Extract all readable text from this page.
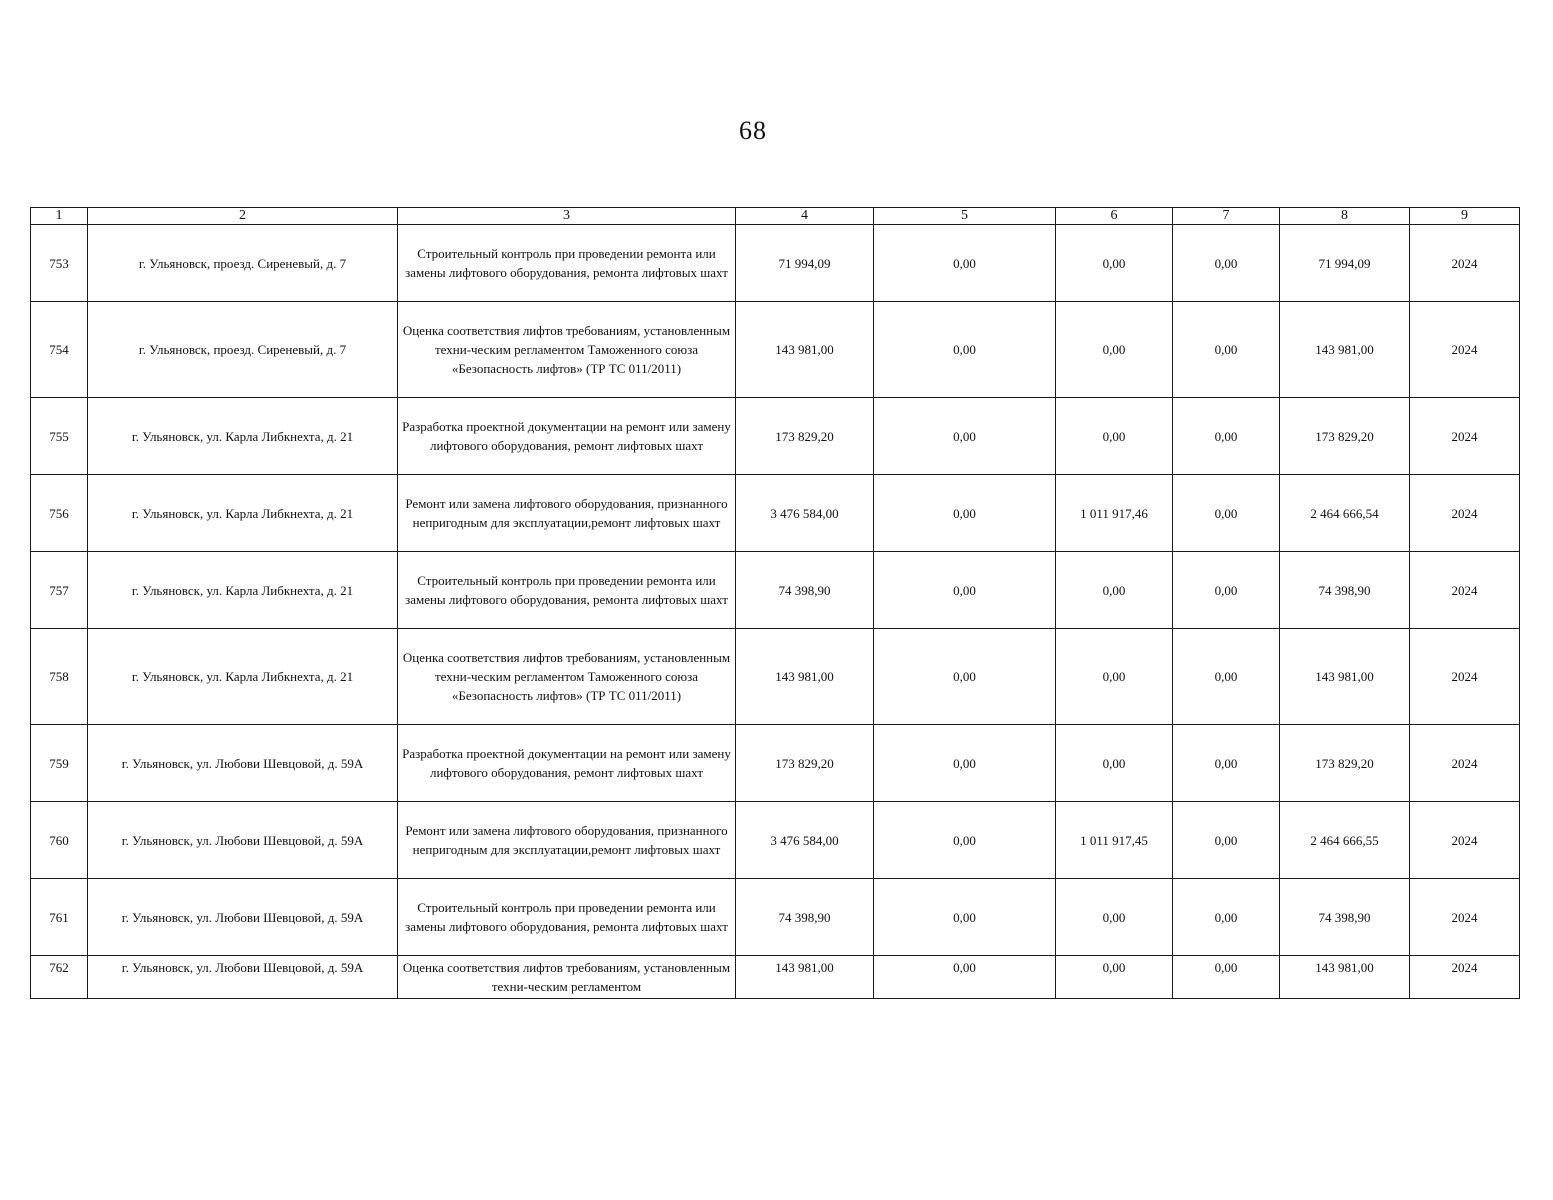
68
1	2	3	4	5	6	7	8	9
753	г. Ульяновск, проезд. Сиреневый, д. 7	Строительный контроль при проведении ремонта или замены лифтового оборудования, ремонта лифтовых шахт	71 994,09	0,00	0,00	0,00	71 994,09	2024
754	г. Ульяновск, проезд. Сиреневый, д. 7	Оценка соответствия лифтов требованиям, установленным техни-ческим регламентом Таможенного союза «Безопасность лифтов» (ТР ТС 011/2011)	143 981,00	0,00	0,00	0,00	143 981,00	2024
755	г. Ульяновск, ул. Карла Либкнехта, д. 21	Разработка проектной документации на ремонт или замену лифтового оборудования, ремонт лифтовых шахт	173 829,20	0,00	0,00	0,00	173 829,20	2024
756	г. Ульяновск, ул. Карла Либкнехта, д. 21	Ремонт или замена лифтового оборудования, признанного непригодным для эксплуатации,ремонт лифтовых шахт	3 476 584,00	0,00	1 011 917,46	0,00	2 464 666,54	2024
757	г. Ульяновск, ул. Карла Либкнехта, д. 21	Строительный контроль при проведении ремонта или замены лифтового оборудования, ремонта лифтовых шахт	74 398,90	0,00	0,00	0,00	74 398,90	2024
758	г. Ульяновск, ул. Карла Либкнехта, д. 21	Оценка соответствия лифтов требованиям, установленным техни-ческим регламентом Таможенного союза «Безопасность лифтов» (ТР ТС 011/2011)	143 981,00	0,00	0,00	0,00	143 981,00	2024
759	г. Ульяновск, ул. Любови Шевцовой, д. 59А	Разработка проектной документации на ремонт или замену лифтового оборудования, ремонт лифтовых шахт	173 829,20	0,00	0,00	0,00	173 829,20	2024
760	г. Ульяновск, ул. Любови Шевцовой, д. 59А	Ремонт или замена лифтового оборудования, признанного непригодным для эксплуатации,ремонт лифтовых шахт	3 476 584,00	0,00	1 011 917,45	0,00	2 464 666,55	2024
761	г. Ульяновск, ул. Любови Шевцовой, д. 59А	Строительный контроль при проведении ремонта или замены лифтового оборудования, ремонта лифтовых шахт	74 398,90	0,00	0,00	0,00	74 398,90	2024
762	г. Ульяновск, ул. Любови Шевцовой, д. 59А	Оценка соответствия лифтов требованиям, установленным техни-ческим регламентом	143 981,00	0,00	0,00	0,00	143 981,00	2024
